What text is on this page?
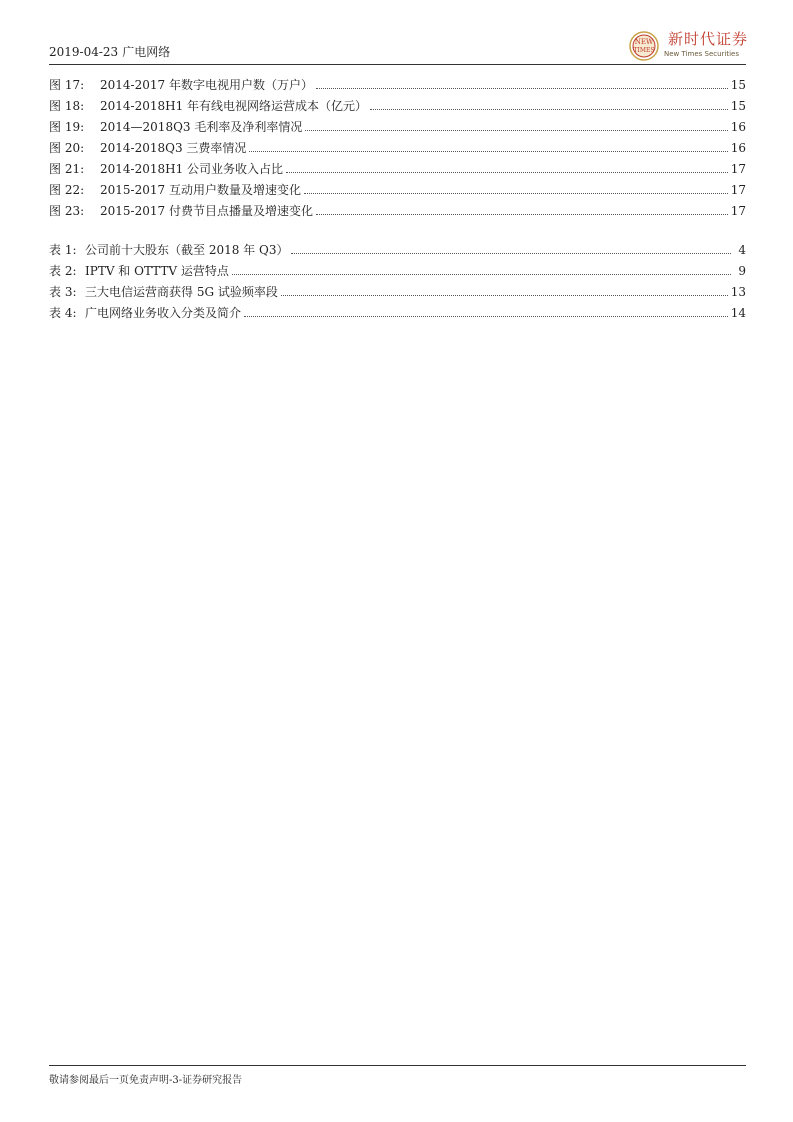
2019-04-23 广电网络
NEW
TIMES
新时代证券
New Times Securities
图 17:	2014-2017 年数字电视用户数（万户）	15
图 18:	2014-2018H1 年有线电视网络运营成本（亿元）	15
图 19:	2014—2018Q3 毛利率及净利率情况	16
图 20:	2014-2018Q3 三费率情况	16
图 21:	2014-2018H1 公司业务收入占比	17
图 22:	2015-2017 互动用户数量及增速变化	17
图 23:	2015-2017 付费节目点播量及增速变化	17
表 1: 公司前十大股东（截至 2018 年 Q3）	4
表 2: IPTV 和 OTTTV 运营特点	9
表 3: 三大电信运营商获得 5G 试验频率段	13
表 4: 广电网络业务收入分类及简介	14
敬请参阅最后一页免责声明-3-证券研究报告
